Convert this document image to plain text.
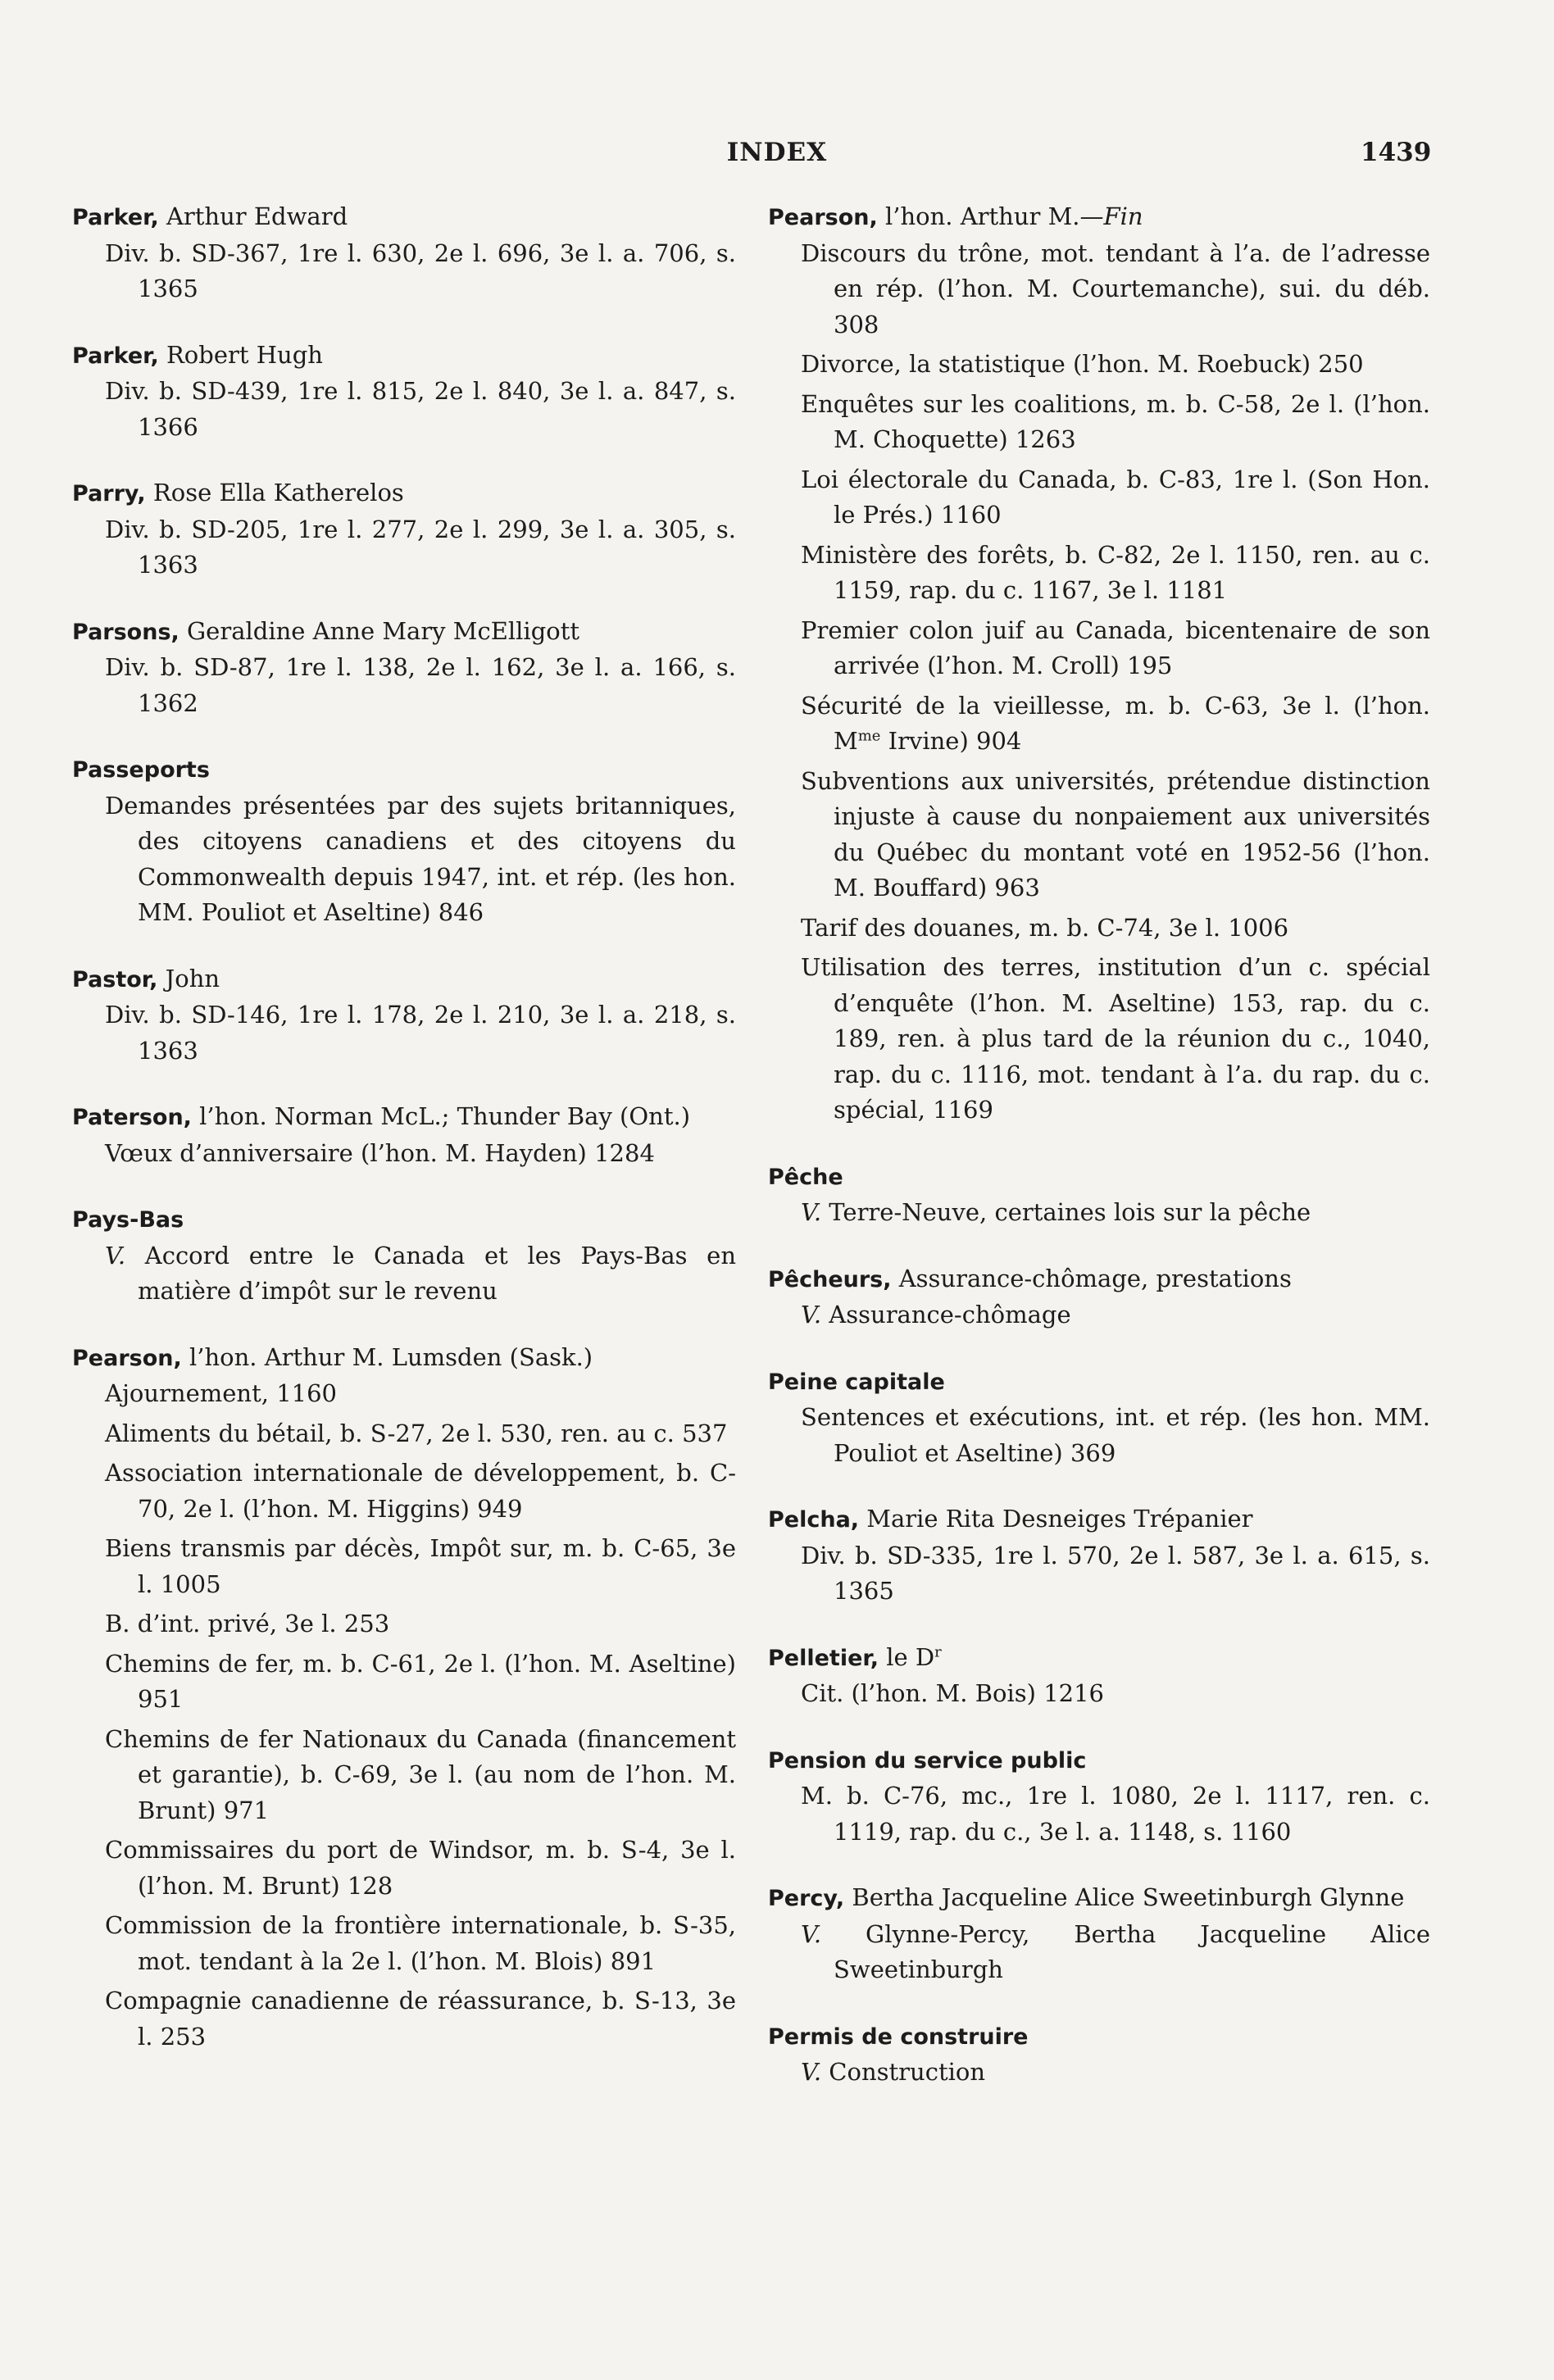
INDEX	1439
Parker, Arthur Edward
Div. b. SD-367, 1re l. 630, 2e l. 696, 3e l. a. 706, s. 1365
Parker, Robert Hugh
Div. b. SD-439, 1re l. 815, 2e l. 840, 3e l. a. 847, s. 1366
Parry, Rose Ella Katherelos
Div. b. SD-205, 1re l. 277, 2e l. 299, 3e l. a. 305, s. 1363
Parsons, Geraldine Anne Mary McElligott
Div. b. SD-87, 1re l. 138, 2e l. 162, 3e l. a. 166, s. 1362
Passeports
Demandes présentées par des sujets britanniques, des citoyens canadiens et des citoyens du Commonwealth depuis 1947, int. et rép. (les hon. MM. Pouliot et Aseltine) 846
Pastor, John
Div. b. SD-146, 1re l. 178, 2e l. 210, 3e l. a. 218, s. 1363
Paterson, l’hon. Norman McL.; Thunder Bay (Ont.)
Vœux d’anniversaire (l’hon. M. Hayden) 1284
Pays-Bas
V. Accord entre le Canada et les Pays-Bas en matière d’impôt sur le revenu
Pearson, l’hon. Arthur M. Lumsden (Sask.)
Ajournement, 1160
Aliments du bétail, b. S-27, 2e l. 530, ren. au c. 537
Association internationale de développement, b. C-70, 2e l. (l’hon. M. Higgins) 949
Biens transmis par décès, Impôt sur, m. b. C-65, 3e l. 1005
B. d’int. privé, 3e l. 253
Chemins de fer, m. b. C-61, 2e l. (l’hon. M. Aseltine) 951
Chemins de fer Nationaux du Canada (financement et garantie), b. C-69, 3e l. (au nom de l’hon. M. Brunt) 971
Commissaires du port de Windsor, m. b. S-4, 3e l. (l’hon. M. Brunt) 128
Commission de la frontière internationale, b. S-35, mot. tendant à la 2e l. (l’hon. M. Blois) 891
Compagnie canadienne de réassurance, b. S-13, 3e l. 253
Pearson, l’hon. Arthur M.—Fin
Discours du trône, mot. tendant à l’a. de l’adresse en rép. (l’hon. M. Courtemanche), sui. du déb. 308
Divorce, la statistique (l’hon. M. Roebuck) 250
Enquêtes sur les coalitions, m. b. C-58, 2e l. (l’hon. M. Choquette) 1263
Loi électorale du Canada, b. C-83, 1re l. (Son Hon. le Prés.) 1160
Ministère des forêts, b. C-82, 2e l. 1150, ren. au c. 1159, rap. du c. 1167, 3e l. 1181
Premier colon juif au Canada, bicentenaire de son arrivée (l’hon. M. Croll) 195
Sécurité de la vieillesse, m. b. C-63, 3e l. (l’hon. $M^{me}$ Irvine) 904
Subventions aux universités, prétendue distinction injuste à cause du nonpaiement aux universités du Québec du montant voté en 1952-56 (l’hon. M. Bouffard) 963
Tarif des douanes, m. b. C-74, 3e l. 1006
Utilisation des terres, institution d’un c. spécial d’enquête (l’hon. M. Aseltine) 153, rap. du c. 189, ren. à plus tard de la réunion du c., 1040, rap. du c. 1116, mot. tendant à l’a. du rap. du c. spécial, 1169
Pêche
V. Terre-Neuve, certaines lois sur la pêche
Pêcheurs, Assurance-chômage, prestations
V. Assurance-chômage
Peine capitale
Sentences et exécutions, int. et rép. (les hon. MM. Pouliot et Aseltine) 369
Pelcha, Marie Rita Desneiges Trépanier
Div. b. SD-335, 1re l. 570, 2e l. 587, 3e l. a. 615, s. 1365
Pelletier, le $D^r$
Cit. (l’hon. M. Bois) 1216
Pension du service public
M. b. C-76, mc., 1re l. 1080, 2e l. 1117, ren. c. 1119, rap. du c., 3e l. a. 1148, s. 1160
Percy, Bertha Jacqueline Alice Sweetinburgh Glynne
V. Glynne-Percy, Bertha Jacqueline Alice Sweetinburgh
Permis de construire
V. Construction
